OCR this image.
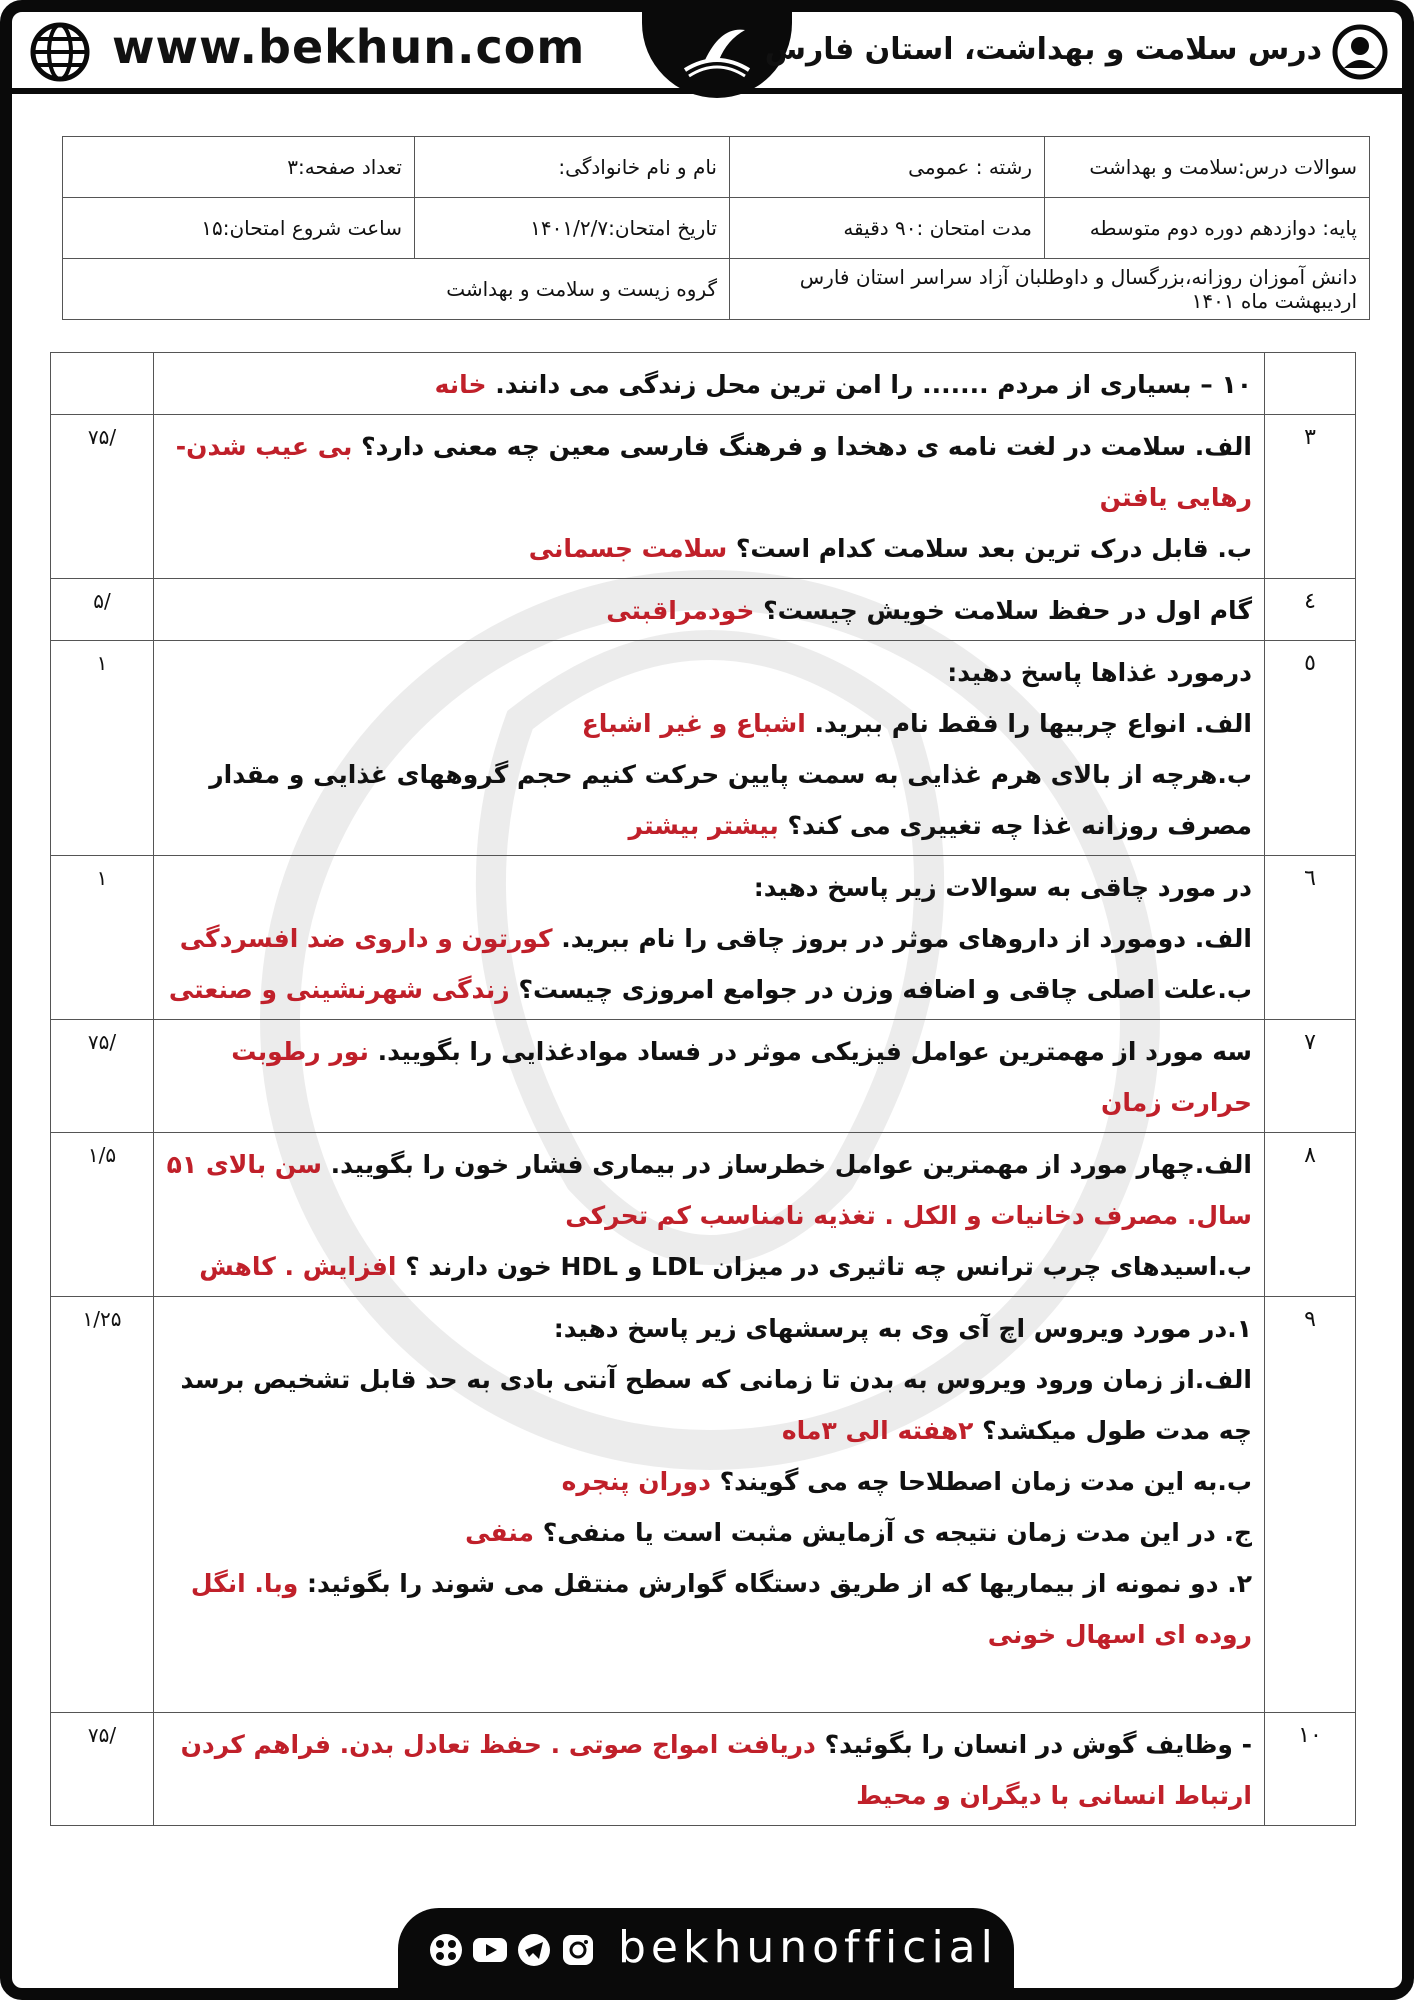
www.bekhun.com	درس سلامت و بهداشت، استان فارس
سوالات درس:سلامت و بهداشت	رشته : عمومی	نام و نام خانوادگی:	تعداد صفحه:۳
پایه: دوازدهم دوره دوم متوسطه	مدت امتحان :۹۰ دقیقه	تاریخ امتحان:۱۴۰۱/۲/۷	ساعت شروع امتحان:۱۵
دانش آموزان روزانه،بزرگسال و داوطلبان آزاد سراسر استان فارس اردیبهشت ماه ۱۴۰۱		گروه زیست و سلامت و بهداشت	
	۱۰ – بسیاری از مردم ....... را امن ترین محل زندگی می دانند. خانه	
۳	الف. سلامت در لغت نامه ی دهخدا و فرهنگ فارسی معین چه معنی دارد؟ بی عیب شدن- رهایی یافتن
ب. قابل درک ترین بعد سلامت کدام است؟ سلامت جسمانی	/۷۵
٤	گام اول در حفظ سلامت خویش چیست؟ خودمراقبتی	/۵
٥	درمورد غذاها پاسخ دهید:
الف. انواع چربیها را فقط نام ببرید. اشباع و غیر اشباع
ب.هرچه از بالای هرم غذایی به سمت پایین حرکت کنیم حجم گروههای غذایی و مقدار مصرف روزانه غذا چه تغییری می کند؟ بیشتر بیشتر	۱
٦	در مورد چاقی به سوالات زیر پاسخ دهید:
الف. دومورد از داروهای موثر در بروز چاقی را نام ببرید. کورتون و داروی ضد افسردگی
ب.علت اصلی چاقی و اضافه وزن در جوامع امروزی چیست؟ زندگی شهرنشینی و صنعتی	۱
۷	سه مورد از مهمترین عوامل فیزیکی موثر در فساد موادغذایی را بگویید. نور رطوبت حرارت زمان	/۷۵
۸	الف.چهار مورد از مهمترین عوامل خطرساز در بیماری فشار خون را بگویید. سن بالای ۵۱ سال. مصرف دخانیات و الکل . تغذیه نامناسب کم تحرکی
ب.اسیدهای چرب ترانس چه تاثیری در میزان LDL و HDL خون دارند ؟ افزایش . کاهش	۱/۵
۹	۱.در مورد ویروس اچ آی وی به پرسشهای زیر پاسخ دهید:
الف.از زمان ورود ویروس به بدن تا زمانی که سطح آنتی بادی به حد قابل تشخیص برسد چه مدت طول میکشد؟ ۲هفته الی ۳ماه
ب.به این مدت زمان اصطلاحا چه می گویند؟ دوران پنجره
ج. در این مدت زمان نتیجه ی آزمایش مثبت است یا منفی؟ منفی
۲. دو نمونه از بیماریها که از طریق دستگاه گوارش منتقل می شوند را بگوئید: وبا. انگل روده ای اسهال خونی	۱/۲۵
۱۰	- وظایف گوش در انسان را بگوئید؟ دریافت امواج صوتی . حفظ تعادل بدن. فراهم کردن ارتباط انسانی با دیگران و محیط	/۷۵
bekhunofficial
